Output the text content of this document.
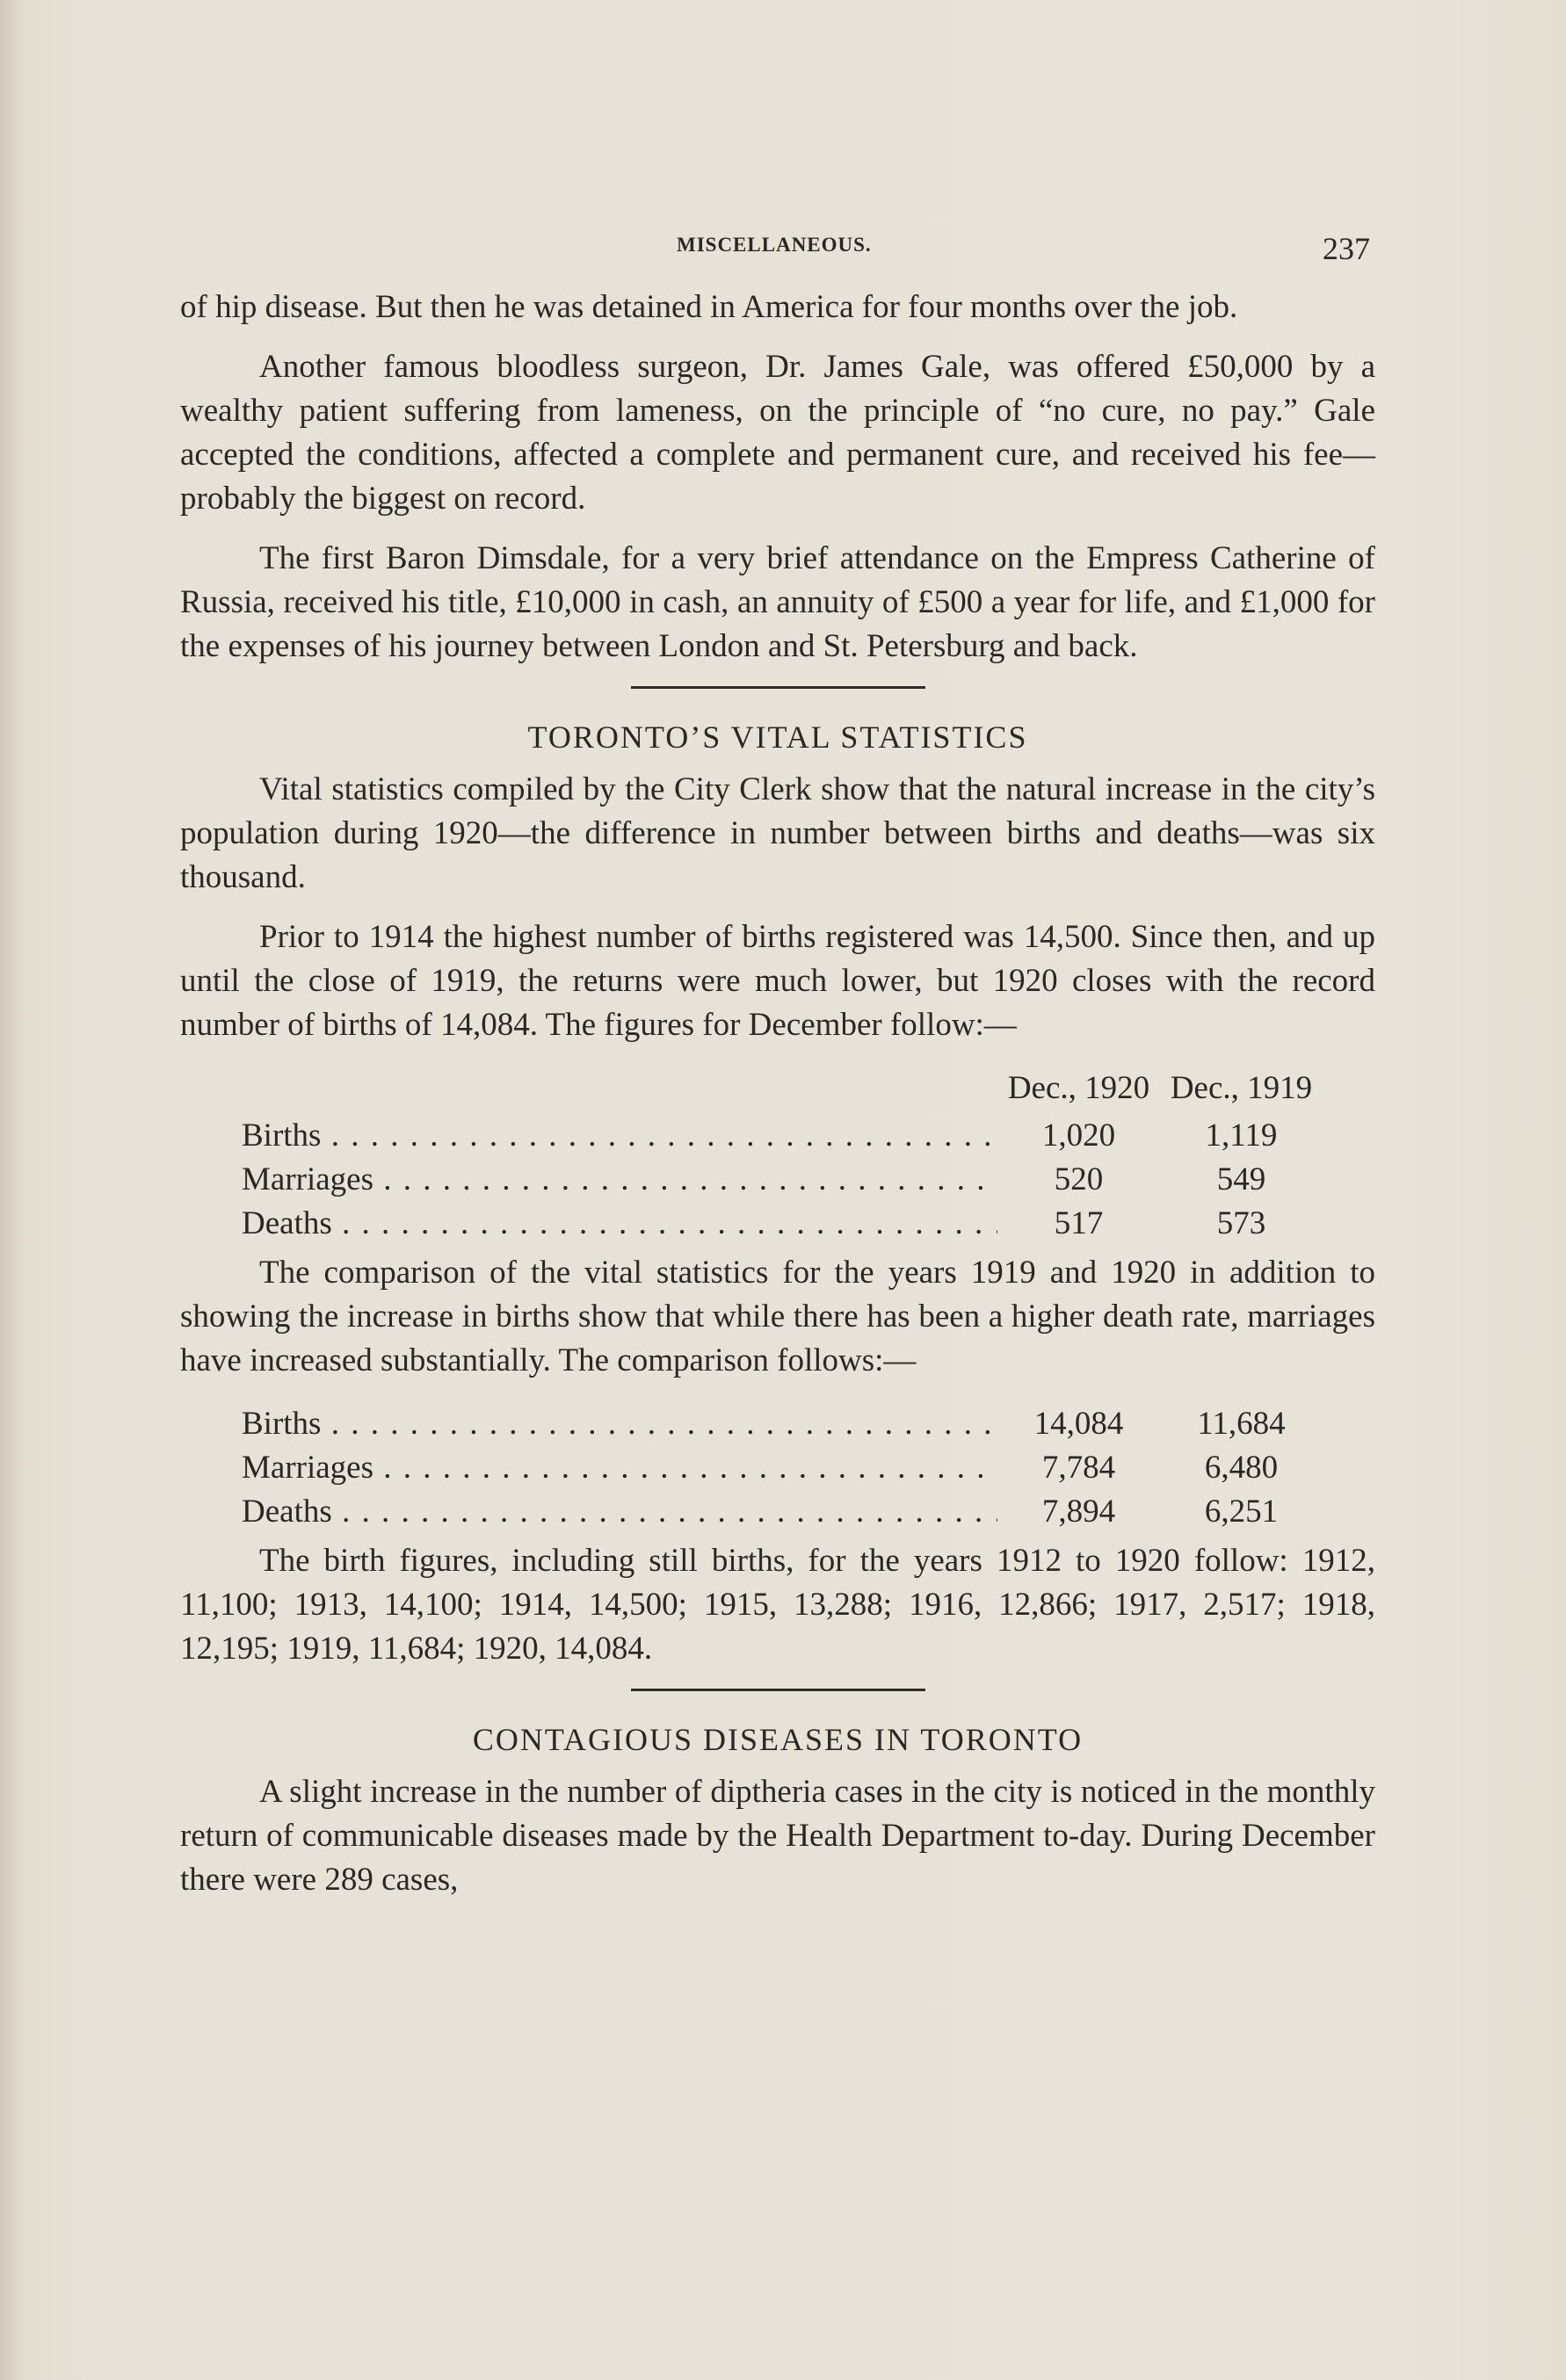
MISCELLANEOUS.	237

of hip disease. But then he was detained in America for four months over the job.

Another famous bloodless surgeon, Dr. James Gale, was offered £50,000 by a wealthy patient suffering from lameness, on the principle of “no cure, no pay.” Gale accepted the conditions, affected a complete and permanent cure, and received his fee—probably the biggest on record.

The first Baron Dimsdale, for a very brief attendance on the Empress Catherine of Russia, received his title, £10,000 in cash, an annuity of £500 a year for life, and £1,000 for the expenses of his journey between London and St. Petersburg and back.

TORONTO’S VITAL STATISTICS

Vital statistics compiled by the City Clerk show that the natural increase in the city’s population during 1920—the difference in number between births and deaths—was six thousand.

Prior to 1914 the highest number of births registered was 14,500. Since then, and up until the close of 1919, the returns were much lower, but 1920 closes with the record number of births of 14,084. The figures for December follow:—

Dec., 1920 Dec., 1919
Births . . .	1,020	1,119
Marriages . . .	520	549
Deaths . . .	517	573

The comparison of the vital statistics for the years 1919 and 1920 in addition to showing the increase in births show that while there has been a higher death rate, marriages have increased substantially. The comparison follows:—

Births . . .	14,084	11,684
Marriages . . .	7,784	6,480
Deaths . . .	7,894	6,251

The birth figures, including still births, for the years 1912 to 1920 follow: 1912, 11,100; 1913, 14,100; 1914, 14,500; 1915, 13,288; 1916, 12,866; 1917, 2,517; 1918, 12,195; 1919, 11,684; 1920, 14,084.

CONTAGIOUS DISEASES IN TORONTO

A slight increase in the number of diptheria cases in the city is noticed in the monthly return of communicable diseases made by the Health Department to-day. During December there were 289 cases,
